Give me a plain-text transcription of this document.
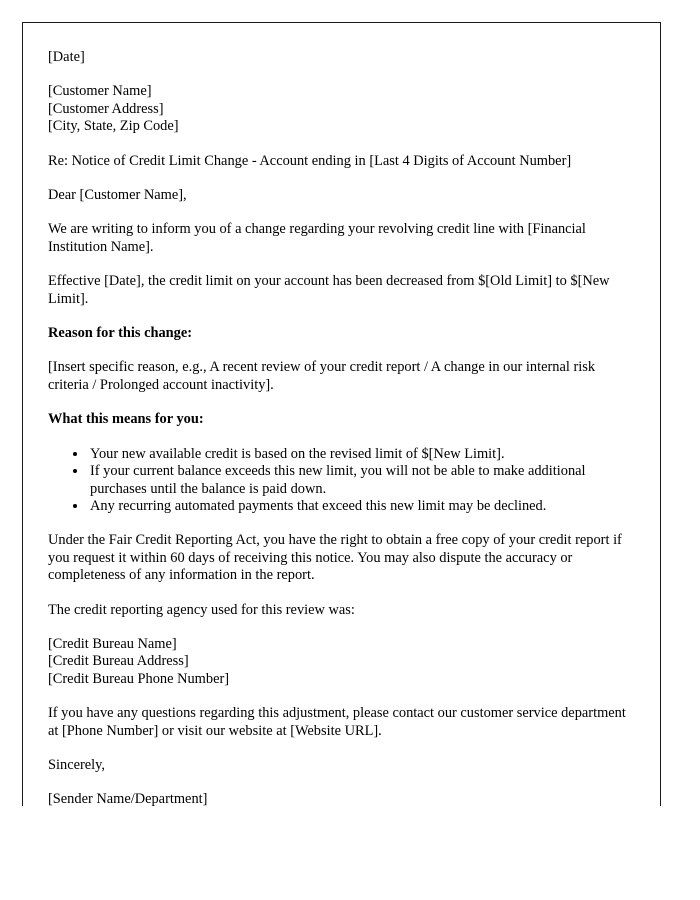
[Date]

[Customer Name]

[Customer Address]

[City, State, Zip Code]

Re: Notice of Credit Limit Change - Account ending in [Last 4 Digits of Account Number]

Dear [Customer Name],

We are writing to inform you of a change regarding your revolving credit line with [Financial Institution Name].

Effective [Date], the credit limit on your account has been decreased from $[Old Limit] to $[New Limit].

Reason for this change:

[Insert specific reason, e.g., A recent review of your credit report / A change in our internal risk criteria / Prolonged account inactivity].

What this means for you:

• Your new available credit is based on the revised limit of $[New Limit].
• If your current balance exceeds this new limit, you will not be able to make additional purchases until the balance is paid down.
• Any recurring automated payments that exceed this new limit may be declined.

Under the Fair Credit Reporting Act, you have the right to obtain a free copy of your credit report if you request it within 60 days of receiving this notice. You may also dispute the accuracy or completeness of any information in the report.

The credit reporting agency used for this review was:

[Credit Bureau Name]

[Credit Bureau Address]

[Credit Bureau Phone Number]

If you have any questions regarding this adjustment, please contact our customer service department at [Phone Number] or visit our website at [Website URL].

Sincerely,

[Sender Name/Department]
